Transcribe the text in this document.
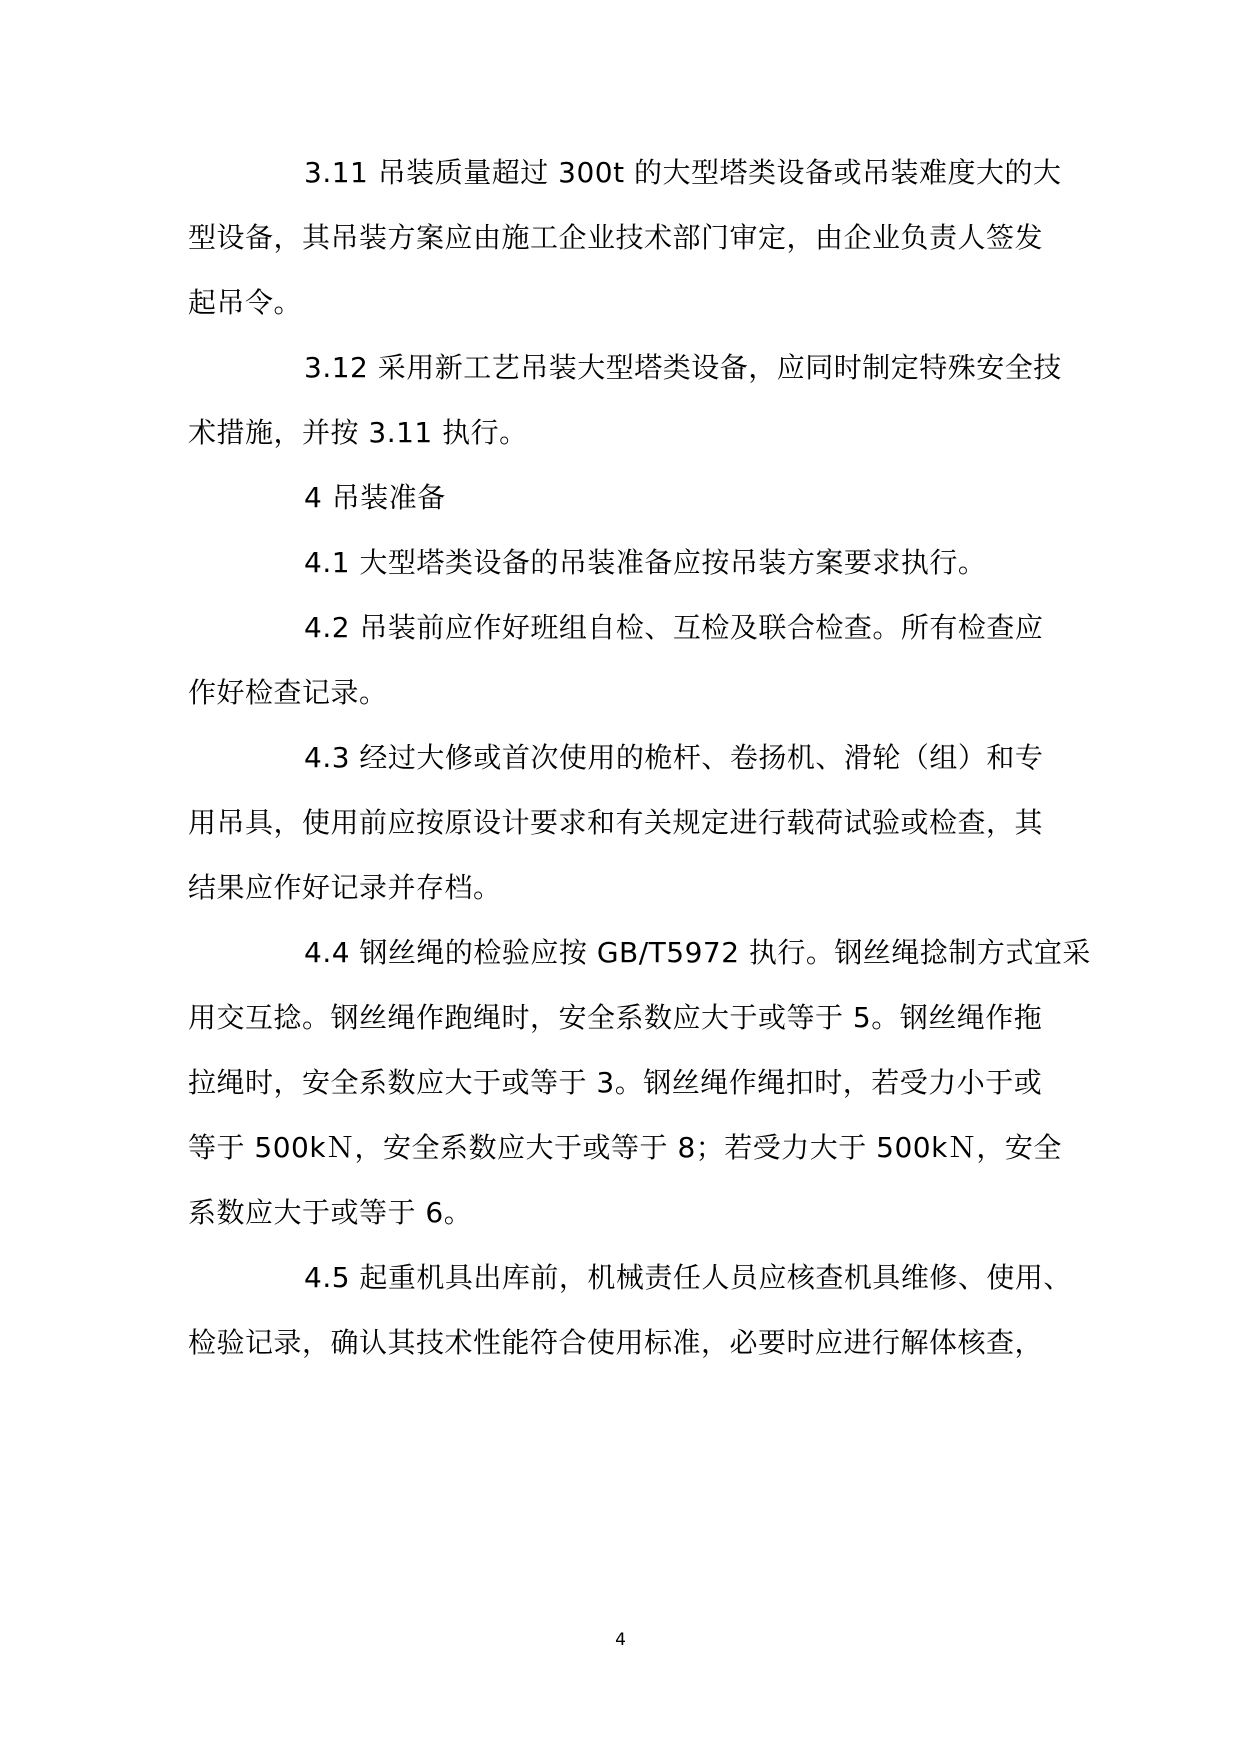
3.11 吊装质量超过 300t 的大型塔类设备或吊装难度大的大
型设备，其吊装方案应由施工企业技术部门审定，由企业负责人签发
起吊令。
3.12 采用新工艺吊装大型塔类设备，应同时制定特殊安全技
术措施，并按 3.11 执行。
4 吊装准备
4.1 大型塔类设备的吊装准备应按吊装方案要求执行。
4.2 吊装前应作好班组自检、互检及联合检查。所有检查应
作好检查记录。
4.3 经过大修或首次使用的桅杆、卷扬机、滑轮（组）和专
用吊具，使用前应按原设计要求和有关规定进行载荷试验或检查，其
结果应作好记录并存档。
4.4 钢丝绳的检验应按 GB/T5972 执行。钢丝绳捻制方式宜采
用交互捻。钢丝绳作跑绳时，安全系数应大于或等于 5。钢丝绳作拖
拉绳时，安全系数应大于或等于 3。钢丝绳作绳扣时，若受力小于或
等于 500kＮ，安全系数应大于或等于 8；若受力大于 500kＮ，安全
系数应大于或等于 6。
4.5 起重机具出库前，机械责任人员应核查机具维修、使用、
检验记录，确认其技术性能符合使用标准，必要时应进行解体核查，
4
